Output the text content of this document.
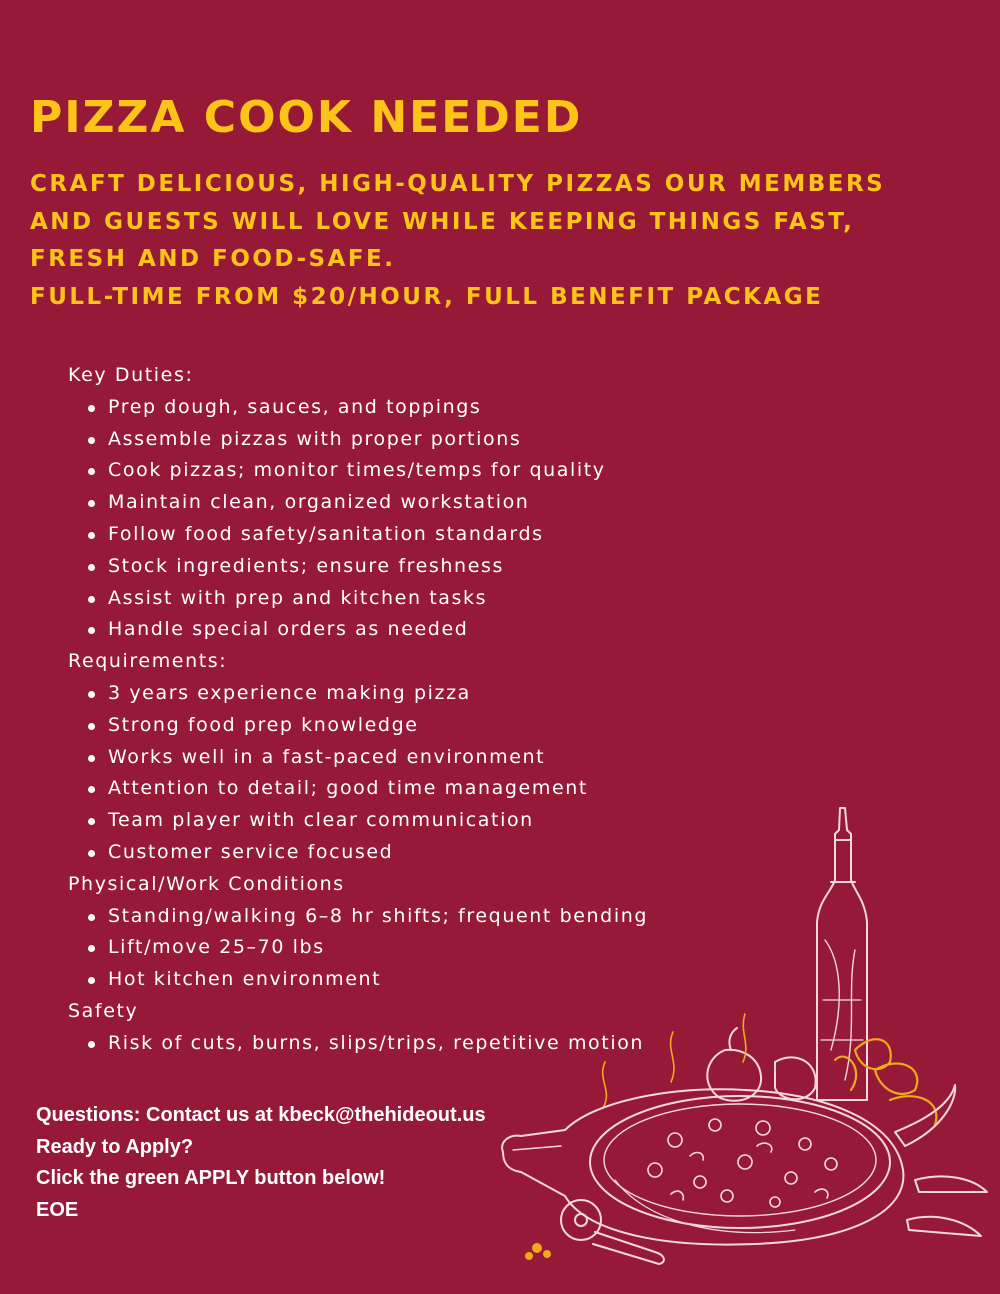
PIZZA COOK NEEDED
CRAFT DELICIOUS, HIGH-QUALITY PIZZAS OUR MEMBERS
AND GUESTS WILL LOVE WHILE KEEPING THINGS FAST,
FRESH AND FOOD-SAFE.
FULL-TIME FROM $20/HOUR, FULL BENEFIT PACKAGE
Key Duties:
Prep dough, sauces, and toppings
Assemble pizzas with proper portions
Cook pizzas; monitor times/temps for quality
Maintain clean, organized workstation
Follow food safety/sanitation standards
Stock ingredients; ensure freshness
Assist with prep and kitchen tasks
Handle special orders as needed
Requirements:
3 years experience making pizza
Strong food prep knowledge
Works well in a fast-paced environment
Attention to detail; good time management
Team player with clear communication
Customer service focused
Physical/Work Conditions
Standing/walking 6–8 hr shifts; frequent bending
Lift/move 25–70 lbs
Hot kitchen environment
Safety
Risk of cuts, burns, slips/trips, repetitive motion
Questions: Contact us at kbeck@thehideout.us
Ready to Apply?
Click the green APPLY button below!
EOE
